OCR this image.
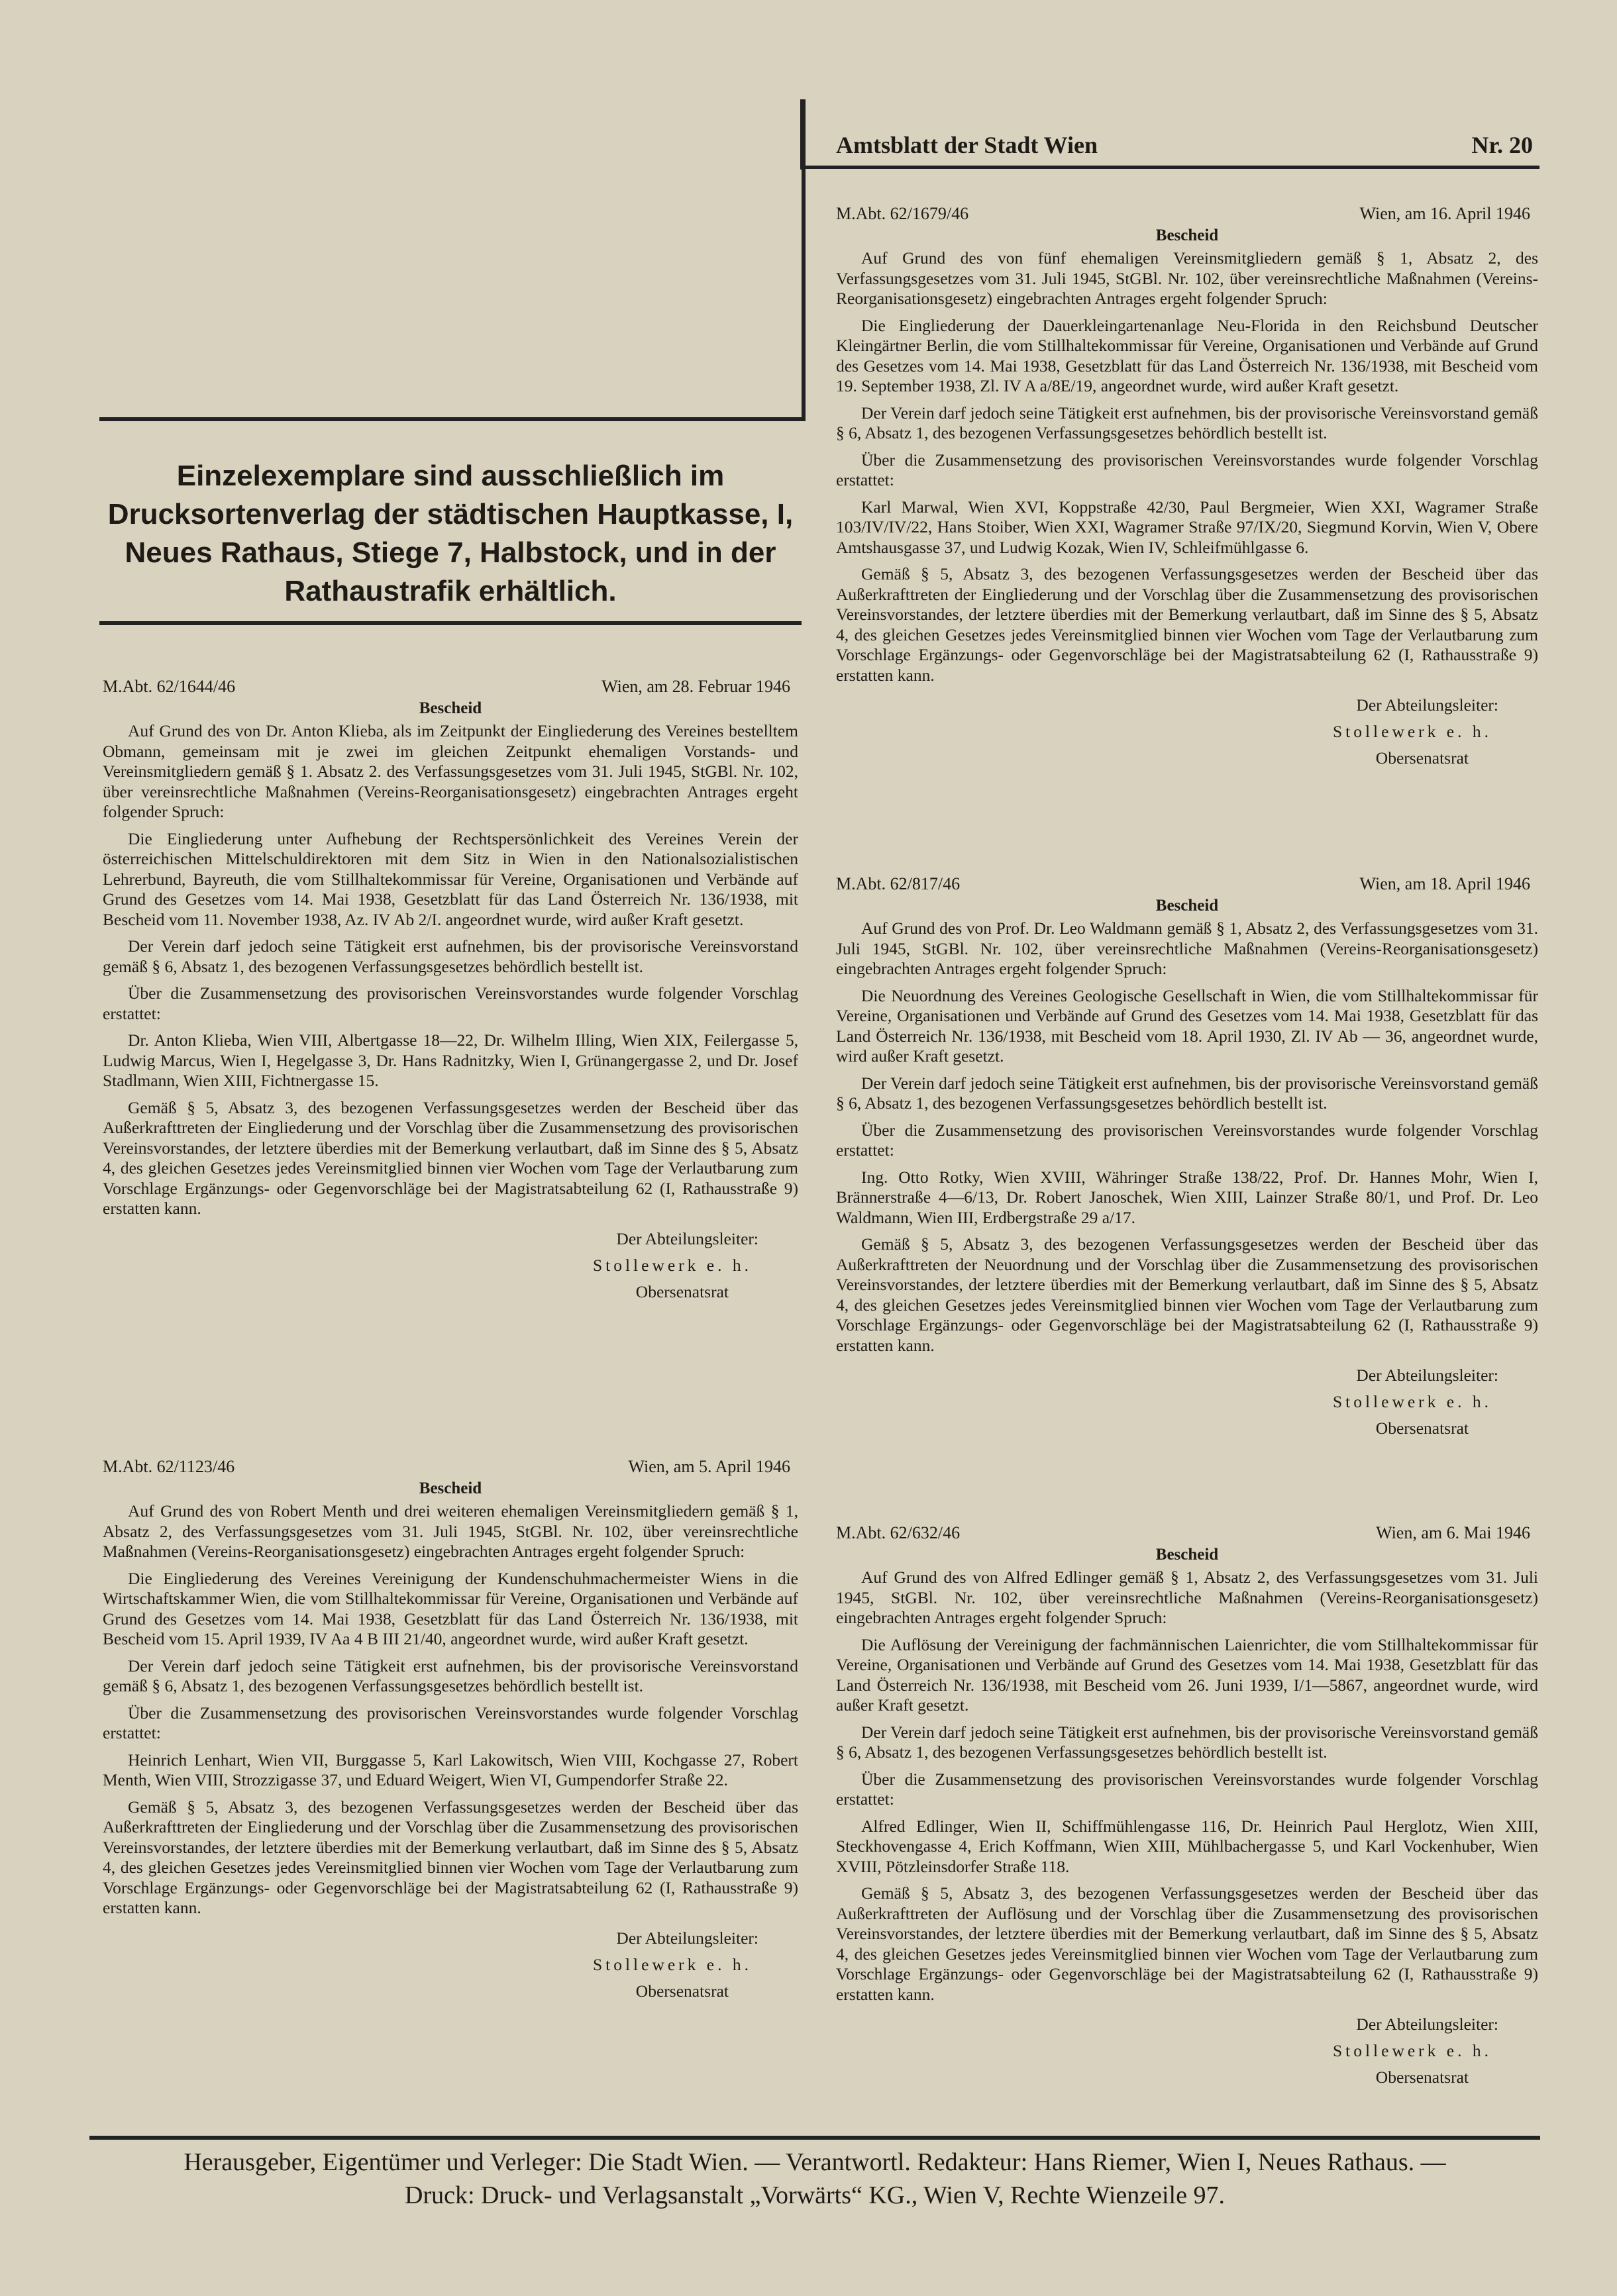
Amtsblatt der Stadt Wien	Nr. 20
Einzelexemplare sind ausschließlich im Drucksortenverlag der städtischen Hauptkasse, I, Neues Rathaus, Stiege 7, Halbstock, und in der Rathaustrafik erhältlich.
M.Abt. 62/1644/46	Wien, am 28. Februar 1946
Bescheid

Auf Grund des von Dr. Anton Klieba, als im Zeitpunkt der Eingliederung des Vereines bestelltem Obmann, gemeinsam mit je zwei im gleichen Zeitpunkt ehemaligen Vorstands- und Vereinsmitgliedern gemäß § 1. Absatz 2. des Verfassungsgesetzes vom 31. Juli 1945, StGBl. Nr. 102, über vereinsrechtliche Maßnahmen (Vereins-Reorganisationsgesetz) eingebrachten Antrages ergeht folgender Spruch:

Die Eingliederung unter Aufhebung der Rechtspersönlichkeit des Vereines Verein der österreichischen Mittelschuldirektoren mit dem Sitz in Wien in den Nationalsozialistischen Lehrerbund, Bayreuth, die vom Stillhaltekommissar für Vereine, Organisationen und Verbände auf Grund des Gesetzes vom 14. Mai 1938, Gesetzblatt für das Land Österreich Nr. 136/1938, mit Bescheid vom 11. November 1938, Az. IV Ab 2/I. angeordnet wurde, wird außer Kraft gesetzt.

Der Verein darf jedoch seine Tätigkeit erst aufnehmen, bis der provisorische Vereinsvorstand gemäß § 6, Absatz 1, des bezogenen Verfassungsgesetzes behördlich bestellt ist.

Über die Zusammensetzung des provisorischen Vereinsvorstandes wurde folgender Vorschlag erstattet:

Dr. Anton Klieba, Wien VIII, Albertgasse 18—22, Dr. Wilhelm Illing, Wien XIX, Feilergasse 5, Ludwig Marcus, Wien I, Hegelgasse 3, Dr. Hans Radnitzky, Wien I, Grünangergasse 2, und Dr. Josef Stadlmann, Wien XIII, Fichtnergasse 15.

Gemäß § 5, Absatz 3, des bezogenen Verfassungsgesetzes werden der Bescheid über das Außerkrafttreten der Eingliederung und der Vorschlag über die Zusammensetzung des provisorischen Vereinsvorstandes, der letztere überdies mit der Bemerkung verlautbart, daß im Sinne des § 5, Absatz 4, des gleichen Gesetzes jedes Vereinsmitglied binnen vier Wochen vom Tage der Verlautbarung zum Vorschlage Ergänzungs- oder Gegenvorschläge bei der Magistratsabteilung 62 (I, Rathausstraße 9) erstatten kann.

Der Abteilungsleiter:
Stollewerk e. h.
Obersenatsrat
M.Abt. 62/1123/46	Wien, am 5. April 1946
Bescheid

Auf Grund des von Robert Menth und drei weiteren ehemaligen Vereinsmitgliedern gemäß § 1, Absatz 2, des Verfassungsgesetzes vom 31. Juli 1945, StGBl. Nr. 102, über vereinsrechtliche Maßnahmen (Vereins-Reorganisationsgesetz) eingebrachten Antrages ergeht folgender Spruch:

Die Eingliederung des Vereines Vereinigung der Kundenschuhmachermeister Wiens in die Wirtschaftskammer Wien, die vom Stillhaltekommissar für Vereine, Organisationen und Verbände auf Grund des Gesetzes vom 14. Mai 1938, Gesetzblatt für das Land Österreich Nr. 136/1938, mit Bescheid vom 15. April 1939, IV Aa 4 B III 21/40, angeordnet wurde, wird außer Kraft gesetzt.

Der Verein darf jedoch seine Tätigkeit erst aufnehmen, bis der provisorische Vereinsvorstand gemäß § 6, Absatz 1, des bezogenen Verfassungsgesetzes behördlich bestellt ist.

Über die Zusammensetzung des provisorischen Vereinsvorstandes wurde folgender Vorschlag erstattet:

Heinrich Lenhart, Wien VII, Burggasse 5, Karl Lakowitsch, Wien VIII, Kochgasse 27, Robert Menth, Wien VIII, Strozzigasse 37, und Eduard Weigert, Wien VI, Gumpendorfer Straße 22.

Gemäß § 5, Absatz 3, des bezogenen Verfassungsgesetzes werden der Bescheid über das Außerkrafttreten der Eingliederung und der Vorschlag über die Zusammensetzung des provisorischen Vereinsvorstandes, der letztere überdies mit der Bemerkung verlautbart, daß im Sinne des § 5, Absatz 4, des gleichen Gesetzes jedes Vereinsmitglied binnen vier Wochen vom Tage der Verlautbarung zum Vorschlage Ergänzungs- oder Gegenvorschläge bei der Magistratsabteilung 62 (I, Rathausstraße 9) erstatten kann.

Der Abteilungsleiter:
Stollewerk e. h.
Obersenatsrat
M.Abt. 62/1679/46	Wien, am 16. April 1946
Bescheid

Auf Grund des von fünf ehemaligen Vereinsmitgliedern gemäß § 1, Absatz 2, des Verfassungsgesetzes vom 31. Juli 1945, StGBl. Nr. 102, über vereinsrechtliche Maßnahmen (Vereins-Reorganisationsgesetz) eingebrachten Antrages ergeht folgender Spruch:

Die Eingliederung der Dauerkleingartenanlage Neu-Florida in den Reichsbund Deutscher Kleingärtner Berlin, die vom Stillhaltekommissar für Vereine, Organisationen und Verbände auf Grund des Gesetzes vom 14. Mai 1938, Gesetzblatt für das Land Österreich Nr. 136/1938, mit Bescheid vom 19. September 1938, Zl. IV A a/8E/19, angeordnet wurde, wird außer Kraft gesetzt.

Der Verein darf jedoch seine Tätigkeit erst aufnehmen, bis der provisorische Vereinsvorstand gemäß § 6, Absatz 1, des bezogenen Verfassungsgesetzes behördlich bestellt ist.

Über die Zusammensetzung des provisorischen Vereinsvorstandes wurde folgender Vorschlag erstattet:

Karl Marwal, Wien XVI, Koppstraße 42/30, Paul Bergmeier, Wien XXI, Wagramer Straße 103/IV/IV/22, Hans Stoiber, Wien XXI, Wagramer Straße 97/IX/20, Siegmund Korvin, Wien V, Obere Amtshausgasse 37, und Ludwig Kozak, Wien IV, Schleifmühlgasse 6.

Gemäß § 5, Absatz 3, des bezogenen Verfassungsgesetzes werden der Bescheid über das Außerkrafttreten der Eingliederung und der Vorschlag über die Zusammensetzung des provisorischen Vereinsvorstandes, der letztere überdies mit der Bemerkung verlautbart, daß im Sinne des § 5, Absatz 4, des gleichen Gesetzes jedes Vereinsmitglied binnen vier Wochen vom Tage der Verlautbarung zum Vorschlage Ergänzungs- oder Gegenvorschläge bei der Magistratsabteilung 62 (I, Rathausstraße 9) erstatten kann.

Der Abteilungsleiter:
Stollewerk e. h.
Obersenatsrat
M.Abt. 62/817/46	Wien, am 18. April 1946
Bescheid

Auf Grund des von Prof. Dr. Leo Waldmann gemäß § 1, Absatz 2, des Verfassungsgesetzes vom 31. Juli 1945, StGBl. Nr. 102, über vereinsrechtliche Maßnahmen (Vereins-Reorganisationsgesetz) eingebrachten Antrages ergeht folgender Spruch:

Die Neuordnung des Vereines Geologische Gesellschaft in Wien, die vom Stillhaltekommissar für Vereine, Organisationen und Verbände auf Grund des Gesetzes vom 14. Mai 1938, Gesetzblatt für das Land Österreich Nr. 136/1938, mit Bescheid vom 18. April 1930, Zl. IV Ab — 36, angeordnet wurde, wird außer Kraft gesetzt.

Der Verein darf jedoch seine Tätigkeit erst aufnehmen, bis der provisorische Vereinsvorstand gemäß § 6, Absatz 1, des bezogenen Verfassungsgesetzes behördlich bestellt ist.

Über die Zusammensetzung des provisorischen Vereinsvorstandes wurde folgender Vorschlag erstattet:

Ing. Otto Rotky, Wien XVIII, Währinger Straße 138/22, Prof. Dr. Hannes Mohr, Wien I, Brännerstraße 4—6/13, Dr. Robert Janoschek, Wien XIII, Lainzer Straße 80/1, und Prof. Dr. Leo Waldmann, Wien III, Erdbergstraße 29 a/17.

Gemäß § 5, Absatz 3, des bezogenen Verfassungsgesetzes werden der Bescheid über das Außerkrafttreten der Neuordnung und der Vorschlag über die Zusammensetzung des provisorischen Vereinsvorstandes, der letztere überdies mit der Bemerkung verlautbart, daß im Sinne des § 5, Absatz 4, des gleichen Gesetzes jedes Vereinsmitglied binnen vier Wochen vom Tage der Verlautbarung zum Vorschlage Ergänzungs- oder Gegenvorschläge bei der Magistratsabteilung 62 (I, Rathausstraße 9) erstatten kann.

Der Abteilungsleiter:
Stollewerk e. h.
Obersenatsrat
M.Abt. 62/632/46	Wien, am 6. Mai 1946
Bescheid

Auf Grund des von Alfred Edlinger gemäß § 1, Absatz 2, des Verfassungsgesetzes vom 31. Juli 1945, StGBl. Nr. 102, über vereinsrechtliche Maßnahmen (Vereins-Reorganisationsgesetz) eingebrachten Antrages ergeht folgender Spruch:

Die Auflösung der Vereinigung der fachmännischen Laienrichter, die vom Stillhaltekommissar für Vereine, Organisationen und Verbände auf Grund des Gesetzes vom 14. Mai 1938, Gesetzblatt für das Land Österreich Nr. 136/1938, mit Bescheid vom 26. Juni 1939, I/1—5867, angeordnet wurde, wird außer Kraft gesetzt.

Der Verein darf jedoch seine Tätigkeit erst aufnehmen, bis der provisorische Vereinsvorstand gemäß § 6, Absatz 1, des bezogenen Verfassungsgesetzes behördlich bestellt ist.

Über die Zusammensetzung des provisorischen Vereinsvorstandes wurde folgender Vorschlag erstattet:

Alfred Edlinger, Wien II, Schiffmühlengasse 116, Dr. Heinrich Paul Herglotz, Wien XIII, Steckhovengasse 4, Erich Koffmann, Wien XIII, Mühlbachergasse 5, und Karl Vockenhuber, Wien XVIII, Pötzleinsdorfer Straße 118.

Gemäß § 5, Absatz 3, des bezogenen Verfassungsgesetzes werden der Bescheid über das Außerkrafttreten der Auflösung und der Vorschlag über die Zusammensetzung des provisorischen Vereinsvorstandes, der letztere überdies mit der Bemerkung verlautbart, daß im Sinne des § 5, Absatz 4, des gleichen Gesetzes jedes Vereinsmitglied binnen vier Wochen vom Tage der Verlautbarung zum Vorschlage Ergänzungs- oder Gegenvorschläge bei der Magistratsabteilung 62 (I, Rathausstraße 9) erstatten kann.

Der Abteilungsleiter:
Stollewerk e. h.
Obersenatsrat
Herausgeber, Eigentümer und Verleger: Die Stadt Wien. — Verantwortl. Redakteur: Hans Riemer, Wien I, Neues Rathaus. —
Druck: Druck- und Verlagsanstalt „Vorwärts“ KG., Wien V, Rechte Wienzeile 97.
